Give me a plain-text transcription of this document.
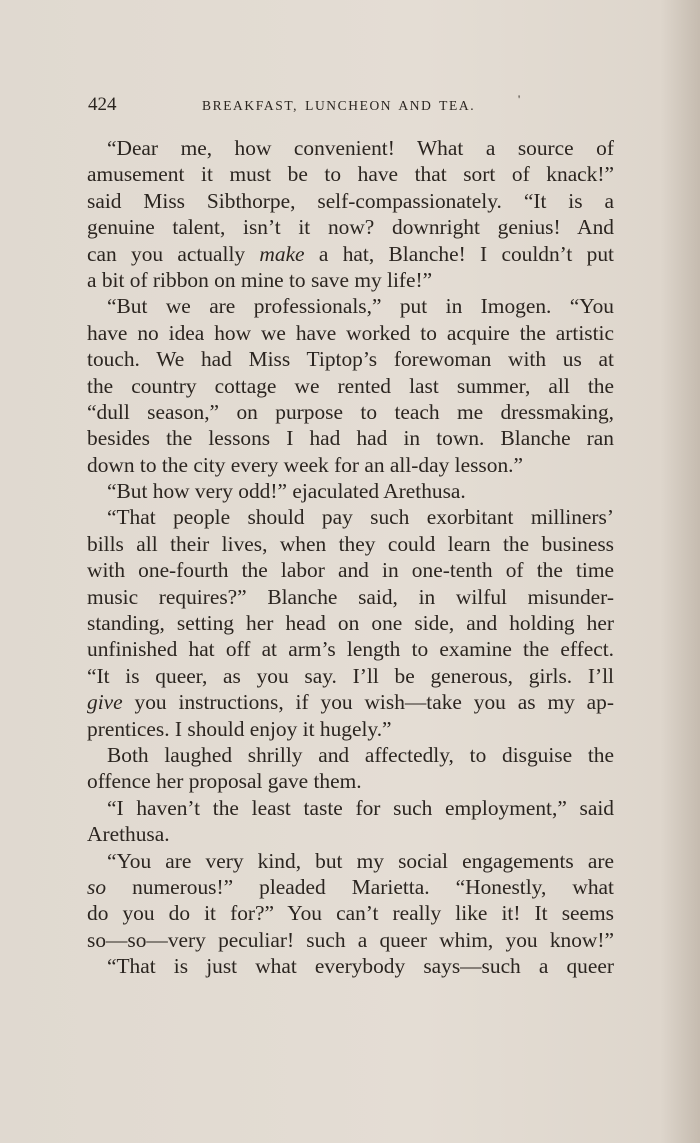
424	BREAKFAST, LUNCHEON AND TEA.	'
“Dear me, how convenient! What a source of
amusement it must be to have that sort of knack!”
said Miss Sibthorpe, self-compassionately. “It is a
genuine talent, isn’t it now? downright genius! And
can you actually make a hat, Blanche! I couldn’t put
a bit of ribbon on mine to save my life!”
“But we are professionals,” put in Imogen. “You
have no idea how we have worked to acquire the artistic
touch. We had Miss Tiptop’s forewoman with us at
the country cottage we rented last summer, all the
“dull season,” on purpose to teach me dressmaking,
besides the lessons I had had in town. Blanche ran
down to the city every week for an all-day lesson.”
“But how very odd!” ejaculated Arethusa.
“That people should pay such exorbitant milliners’
bills all their lives, when they could learn the business
with one-fourth the labor and in one-tenth of the time
music requires?” Blanche said, in wilful misunder-
standing, setting her head on one side, and holding her
unfinished hat off at arm’s length to examine the effect.
“It is queer, as you say. I’ll be generous, girls. I’ll
give you instructions, if you wish—take you as my ap-
prentices. I should enjoy it hugely.”
Both laughed shrilly and affectedly, to disguise the
offence her proposal gave them.
“I haven’t the least taste for such employment,” said
Arethusa.
“You are very kind, but my social engagements are
so numerous!” pleaded Marietta. “Honestly, what
do you do it for?” You can’t really like it! It seems
so—so—very peculiar! such a queer whim, you know!”
“That is just what everybody says—such a queer
